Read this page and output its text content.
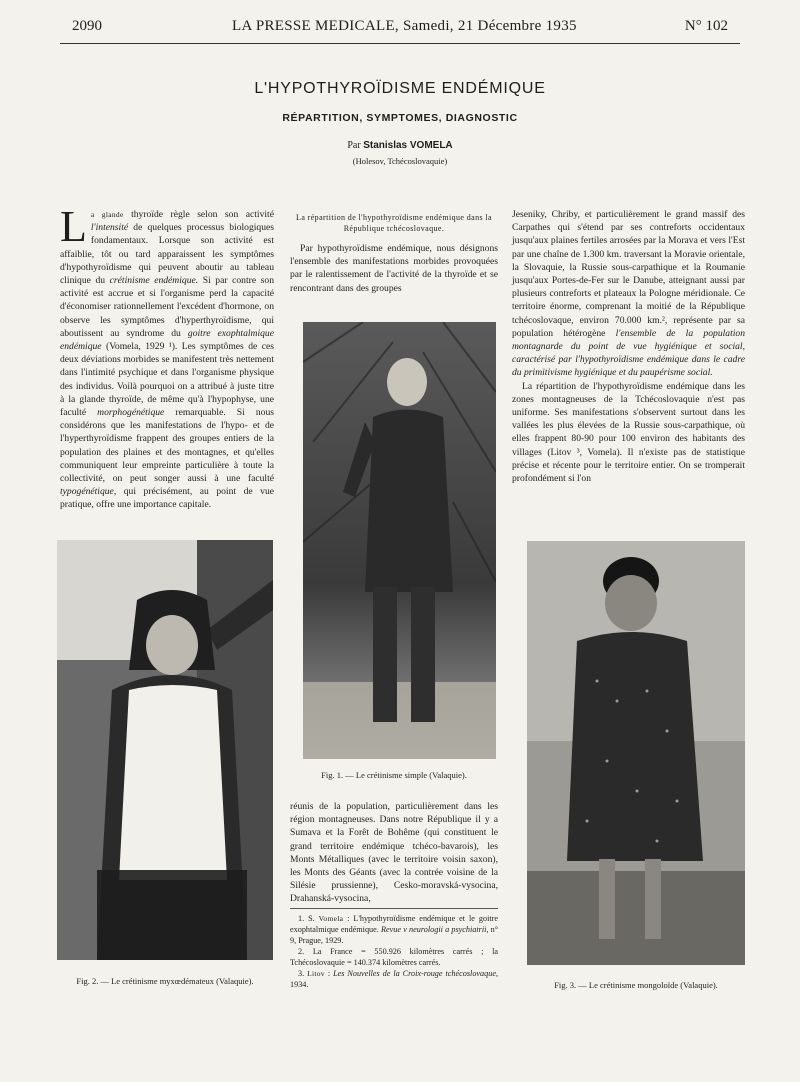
2090	LA PRESSE MEDICALE, Samedi, 21 Décembre 1935	N° 102
L'HYPOTHYROÏDISME ENDÉMIQUE
RÉPARTITION, SYMPTOMES, DIAGNOSTIC
Par Stanislas VOMELA
(Holesov, Tchécoslovaquie)

La glande thyroïde règle selon son activité l'intensité de quelques processus biologiques fondamentaux. Lorsque son activité est affaiblie, tôt ou tard apparaissent les symptômes d'hypothyroïdisme qui peuvent aboutir au tableau clinique du crétinisme endémique. Si par contre son activité est accrue et si l'organisme perd la capacité d'économiser rationnellement l'excédent d'hormone, on observe les symptômes d'hyperthyroïdisme, qui aboutissent au syndrome du goitre exophtalmique endémique (Vomela, 1929 ¹). Les symptômes de ces deux déviations morbides se manifestent très nettement dans l'intimité psychique et dans l'organisme physique des individus. Voilà pourquoi on a attribué à juste titre à la glande thyroïde, de même qu'à l'hypophyse, une faculté morphogénétique remarquable. Si nous considérons que les manifestations de l'hypo- et de l'hyperthyroïdisme frappent des groupes entiers de la population des plaines et des montagnes, et qu'elles communiquent leur empreinte particulière à toute la collectivité, on peut songer aussi à une faculté typogénétique, qui précisément, au point de vue pratique, offre une importance capitale.

La répartition de l'hypothyroïdisme endémique dans la République tchécoslovaque.

Par hypothyroïdisme endémique, nous désignons l'ensemble des manifestations morbides provoquées par le ralentissement de l'activité de la thyroïde et se rencontrant dans des groupes

Jeseniky, Chriby, et particulièrement le grand massif des Carpathes qui s'étend par ses contreforts occidentaux jusqu'aux plaines fertiles arrosées par la Morava et vers l'Est par une chaîne de 1.300 km. traversant la Moravie orientale, la Slovaquie, la Russie sous-carpathique et la Roumanie jusqu'aux Portes-de-Fer sur le Danube, atteignant aussi par plusieurs contreforts et plateaux la Pologne méridionale. Ce territoire énorme, comprenant la moitié de la République tchécoslovaque, environ 70.000 km.², représente par sa population hétérogène l'ensemble de la population montagnarde du point de vue hygiénique et social, caractérisé par l'hypothyroïdisme endémique dans le cadre du primitivisme hygiénique et du paupérisme social.

La répartition de l'hypothyroïdisme endémique dans les zones montagneuses de la Tchécoslovaquie n'est pas uniforme. Ses manifestations s'observent surtout dans les vallées les plus élevées de la Russie sous-carpathique, où elles frappent 80-90 pour 100 environ des habitants des villages (Litov ³, Vomela). Il n'existe pas de statistique précise et récente pour le territoire entier. On se tromperait profondément si l'on

Fig. 1. — Le crétinisme simple (Valaquie).

réunis de la population, particulièrement dans les région montagneuses. Dans notre République il y a Sumava et la Forêt de Bohême (qui constituent le grand territoire endémique tchéco-bavarois), les Monts Métalliques (avec le territoire voisin saxon), les Monts des Géants (avec la contrée voisine de la Silésie prussienne), Cesko-moravská-vysocina, Drahanská-vysocina,

1. S. Vomela : L'hypothyroïdisme endémique et le goitre exophtalmique endémique. Revue v neurologii a psychiatrii, n° 9, Prague, 1929.

2. La France = 550.926 kilomètres carrés ; la Tchécoslovaquie = 140.374 kilomètres carrés.

3. Litov : Les Nouvelles de la Croix-rouge tchécoslovaque, 1934.

Fig. 2. — Le crétinisme myxœdémateux (Valaquie).	Fig. 3. — Le crétinisme mongoloïde (Valaquie).
